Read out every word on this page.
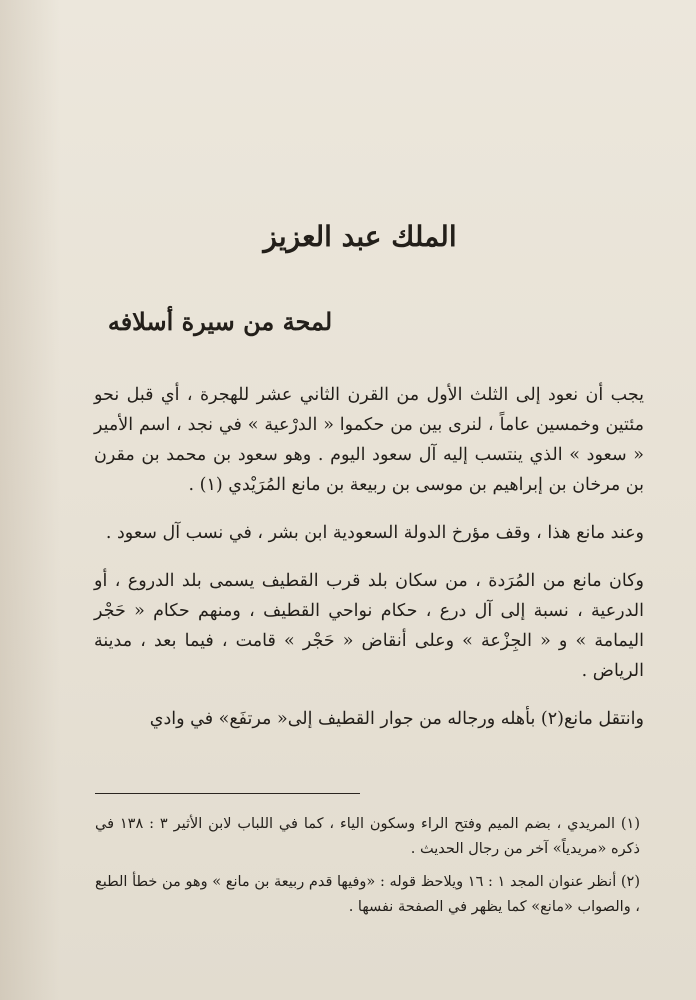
الملك عبد العزيز
لمحة من سيرة أسلافه

يجب أن نعود إلى الثلث الأول من القرن الثاني عشر للهجرة ، أي قبل نحو مئتين وخمسين عاماً ، لنرى بين من حكموا « الدرْعية » في نجد ، اسم الأمير « سعود » الذي ينتسب إليه آل سعود اليوم . وهو سعود بن محمد بن مقرن بن مرخان بن إبراهيم بن موسى بن ربيعة بن مانع المُرَيْدي (١) .

وعند مانع هذا ، وقف مؤرخ الدولة السعودية ابن بشر ، في نسب آل سعود .

وكان مانع من المُرَدة ، من سكان بلد قرب القطيف يسمى بلد الدروع ، أو الدرعية ، نسبة إلى آل درع ، حكام نواحي القطيف ، ومنهم حكام « حَجْر اليمامة » و « الجِزْعة » وعلى أنقاض « حَجْر » قامت ، فيما بعد ، مدينة الرياض .

وانتقل مانع(٢) بأهله ورجاله من جوار القطيف إلى« مرتفَع» في وادي

(١) المريدي ، بضم الميم وفتح الراء وسكون الياء ، كما في اللباب لابن الأثير ٣ : ١٣٨ في ذكره «مريدياً» آخر من رجال الحديث .

(٢) أنظر عنوان المجد ١ : ١٦ ويلاحظ قوله : «وفيها قدم ربيعة بن مانع » وهو من خطأ الطبع ، والصواب «مانع» كما يظهر في الصفحة نفسها .
